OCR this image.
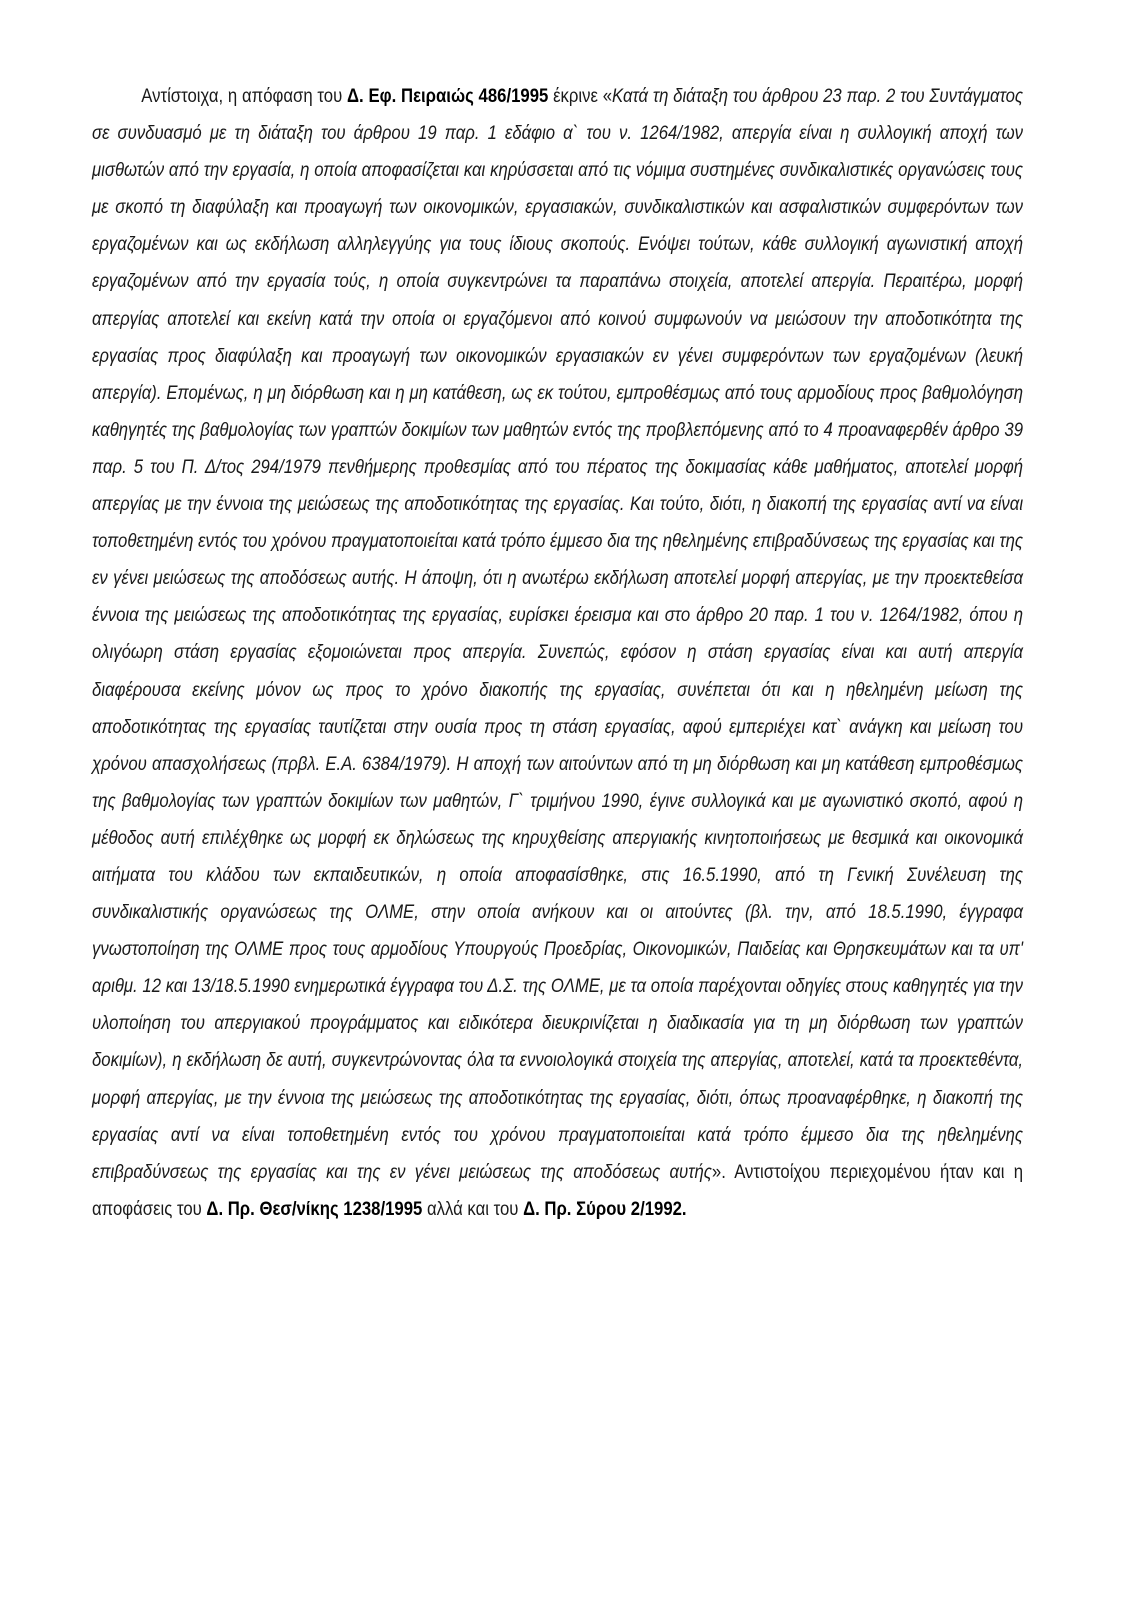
Αντίστοιχα, η απόφαση του Δ. Εφ. Πειραιώς 486/1995 έκρινε «Κατά τη διάταξη του άρθρου 23 παρ. 2 του Συντάγματος σε συνδυασμό με τη διάταξη του άρθρου 19 παρ. 1 εδάφιο α` του ν. 1264/1982, απεργία είναι η συλλογική αποχή των μισθωτών από την εργασία, η οποία αποφασίζεται και κηρύσσεται από τις νόμιμα συστημένες συνδικαλιστικές οργανώσεις τους με σκοπό τη διαφύλαξη και προαγωγή των οικονομικών, εργασιακών, συνδικαλιστικών και ασφαλιστικών συμφερόντων των εργαζομένων και ως εκδήλωση αλληλεγγύης για τους ίδιους σκοπούς. Ενόψει τούτων, κάθε συλλογική αγωνιστική αποχή εργαζομένων από την εργασία τούς, η οποία συγκεντρώνει τα παραπάνω στοιχεία, αποτελεί απεργία. Περαιτέρω, μορφή απεργίας αποτελεί και εκείνη κατά την οποία οι εργαζόμενοι από κοινού συμφωνούν να μειώσουν την αποδοτικότητα της εργασίας προς διαφύλαξη και προαγωγή των οικονομικών εργασιακών εν γένει συμφερόντων των εργαζομένων (λευκή απεργία). Επομένως, η μη διόρθωση και η μη κατάθεση, ως εκ τούτου, εμπροθέσμως από τους αρμοδίους προς βαθμολόγηση καθηγητές της βαθμολογίας των γραπτών δοκιμίων των μαθητών εντός της προβλεπόμενης από το 4 προαναφερθέν άρθρο 39 παρ. 5 του Π. Δ/τος 294/1979 πενθήμερης προθεσμίας από του πέρατος της δοκιμασίας κάθε μαθήματος, αποτελεί μορφή απεργίας με την έννοια της μειώσεως της αποδοτικότητας της εργασίας. Και τούτο, διότι, η διακοπή της εργασίας αντί να είναι τοποθετημένη εντός του χρόνου πραγματοποιείται κατά τρόπο έμμεσο δια της ηθελημένης επιβραδύνσεως της εργασίας και της εν γένει μειώσεως της αποδόσεως αυτής. Η άποψη, ότι η ανωτέρω εκδήλωση αποτελεί μορφή απεργίας, με την προεκτεθείσα έννοια της μειώσεως της αποδοτικότητας της εργασίας, ευρίσκει έρεισμα και στο άρθρο 20 παρ. 1 του ν. 1264/1982, όπου η ολιγόωρη στάση εργασίας εξομοιώνεται προς απεργία. Συνεπώς, εφόσον η στάση εργασίας είναι και αυτή απεργία διαφέρουσα εκείνης μόνον ως προς το χρόνο διακοπής της εργασίας, συνέπεται ότι και η ηθελημένη μείωση της αποδοτικότητας της εργασίας ταυτίζεται στην ουσία προς τη στάση εργασίας, αφού εμπεριέχει κατ` ανάγκη και μείωση του χρόνου απασχολήσεως (πρβλ. Ε.Α. 6384/1979). Η αποχή των αιτούντων από τη μη διόρθωση και μη κατάθεση εμπροθέσμως της βαθμολογίας των γραπτών δοκιμίων των μαθητών, Γ` τριμήνου 1990, έγινε συλλογικά και με αγωνιστικό σκοπό, αφού η μέθοδος αυτή επιλέχθηκε ως μορφή εκ δηλώσεως της κηρυχθείσης απεργιακής κινητοποιήσεως με θεσμικά και οικονομικά αιτήματα του κλάδου των εκπαιδευτικών, η οποία αποφασίσθηκε, στις 16.5.1990, από τη Γενική Συνέλευση της συνδικαλιστικής οργανώσεως της ΟΛΜΕ, στην οποία ανήκουν και οι αιτούντες (βλ. την, από 18.5.1990, έγγραφα γνωστοποίηση της ΟΛΜΕ προς τους αρμοδίους Υπουργούς Προεδρίας, Οικονομικών, Παιδείας και Θρησκευμάτων και τα υπ' αριθμ. 12 και 13/18.5.1990 ενημερωτικά έγγραφα του Δ.Σ. της ΟΛΜΕ, με τα οποία παρέχονται οδηγίες στους καθηγητές για την υλοποίηση του απεργιακού προγράμματος και ειδικότερα διευκρινίζεται η διαδικασία για τη μη διόρθωση των γραπτών δοκιμίων), η εκδήλωση δε αυτή, συγκεντρώνοντας όλα τα εννοιολογικά στοιχεία της απεργίας, αποτελεί, κατά τα προεκτεθέντα, μορφή απεργίας, με την έννοια της μειώσεως της αποδοτικότητας της εργασίας, διότι, όπως προαναφέρθηκε, η διακοπή της εργασίας αντί να είναι τοποθετημένη εντός του χρόνου πραγματοποιείται κατά τρόπο έμμεσο δια της ηθελημένης επιβραδύνσεως της εργασίας και της εν γένει μειώσεως της αποδόσεως αυτής». Αντιστοίχου περιεχομένου ήταν και η αποφάσεις του Δ. Πρ. Θεσ/νίκης 1238/1995 αλλά και του Δ. Πρ. Σύρου 2/1992.
